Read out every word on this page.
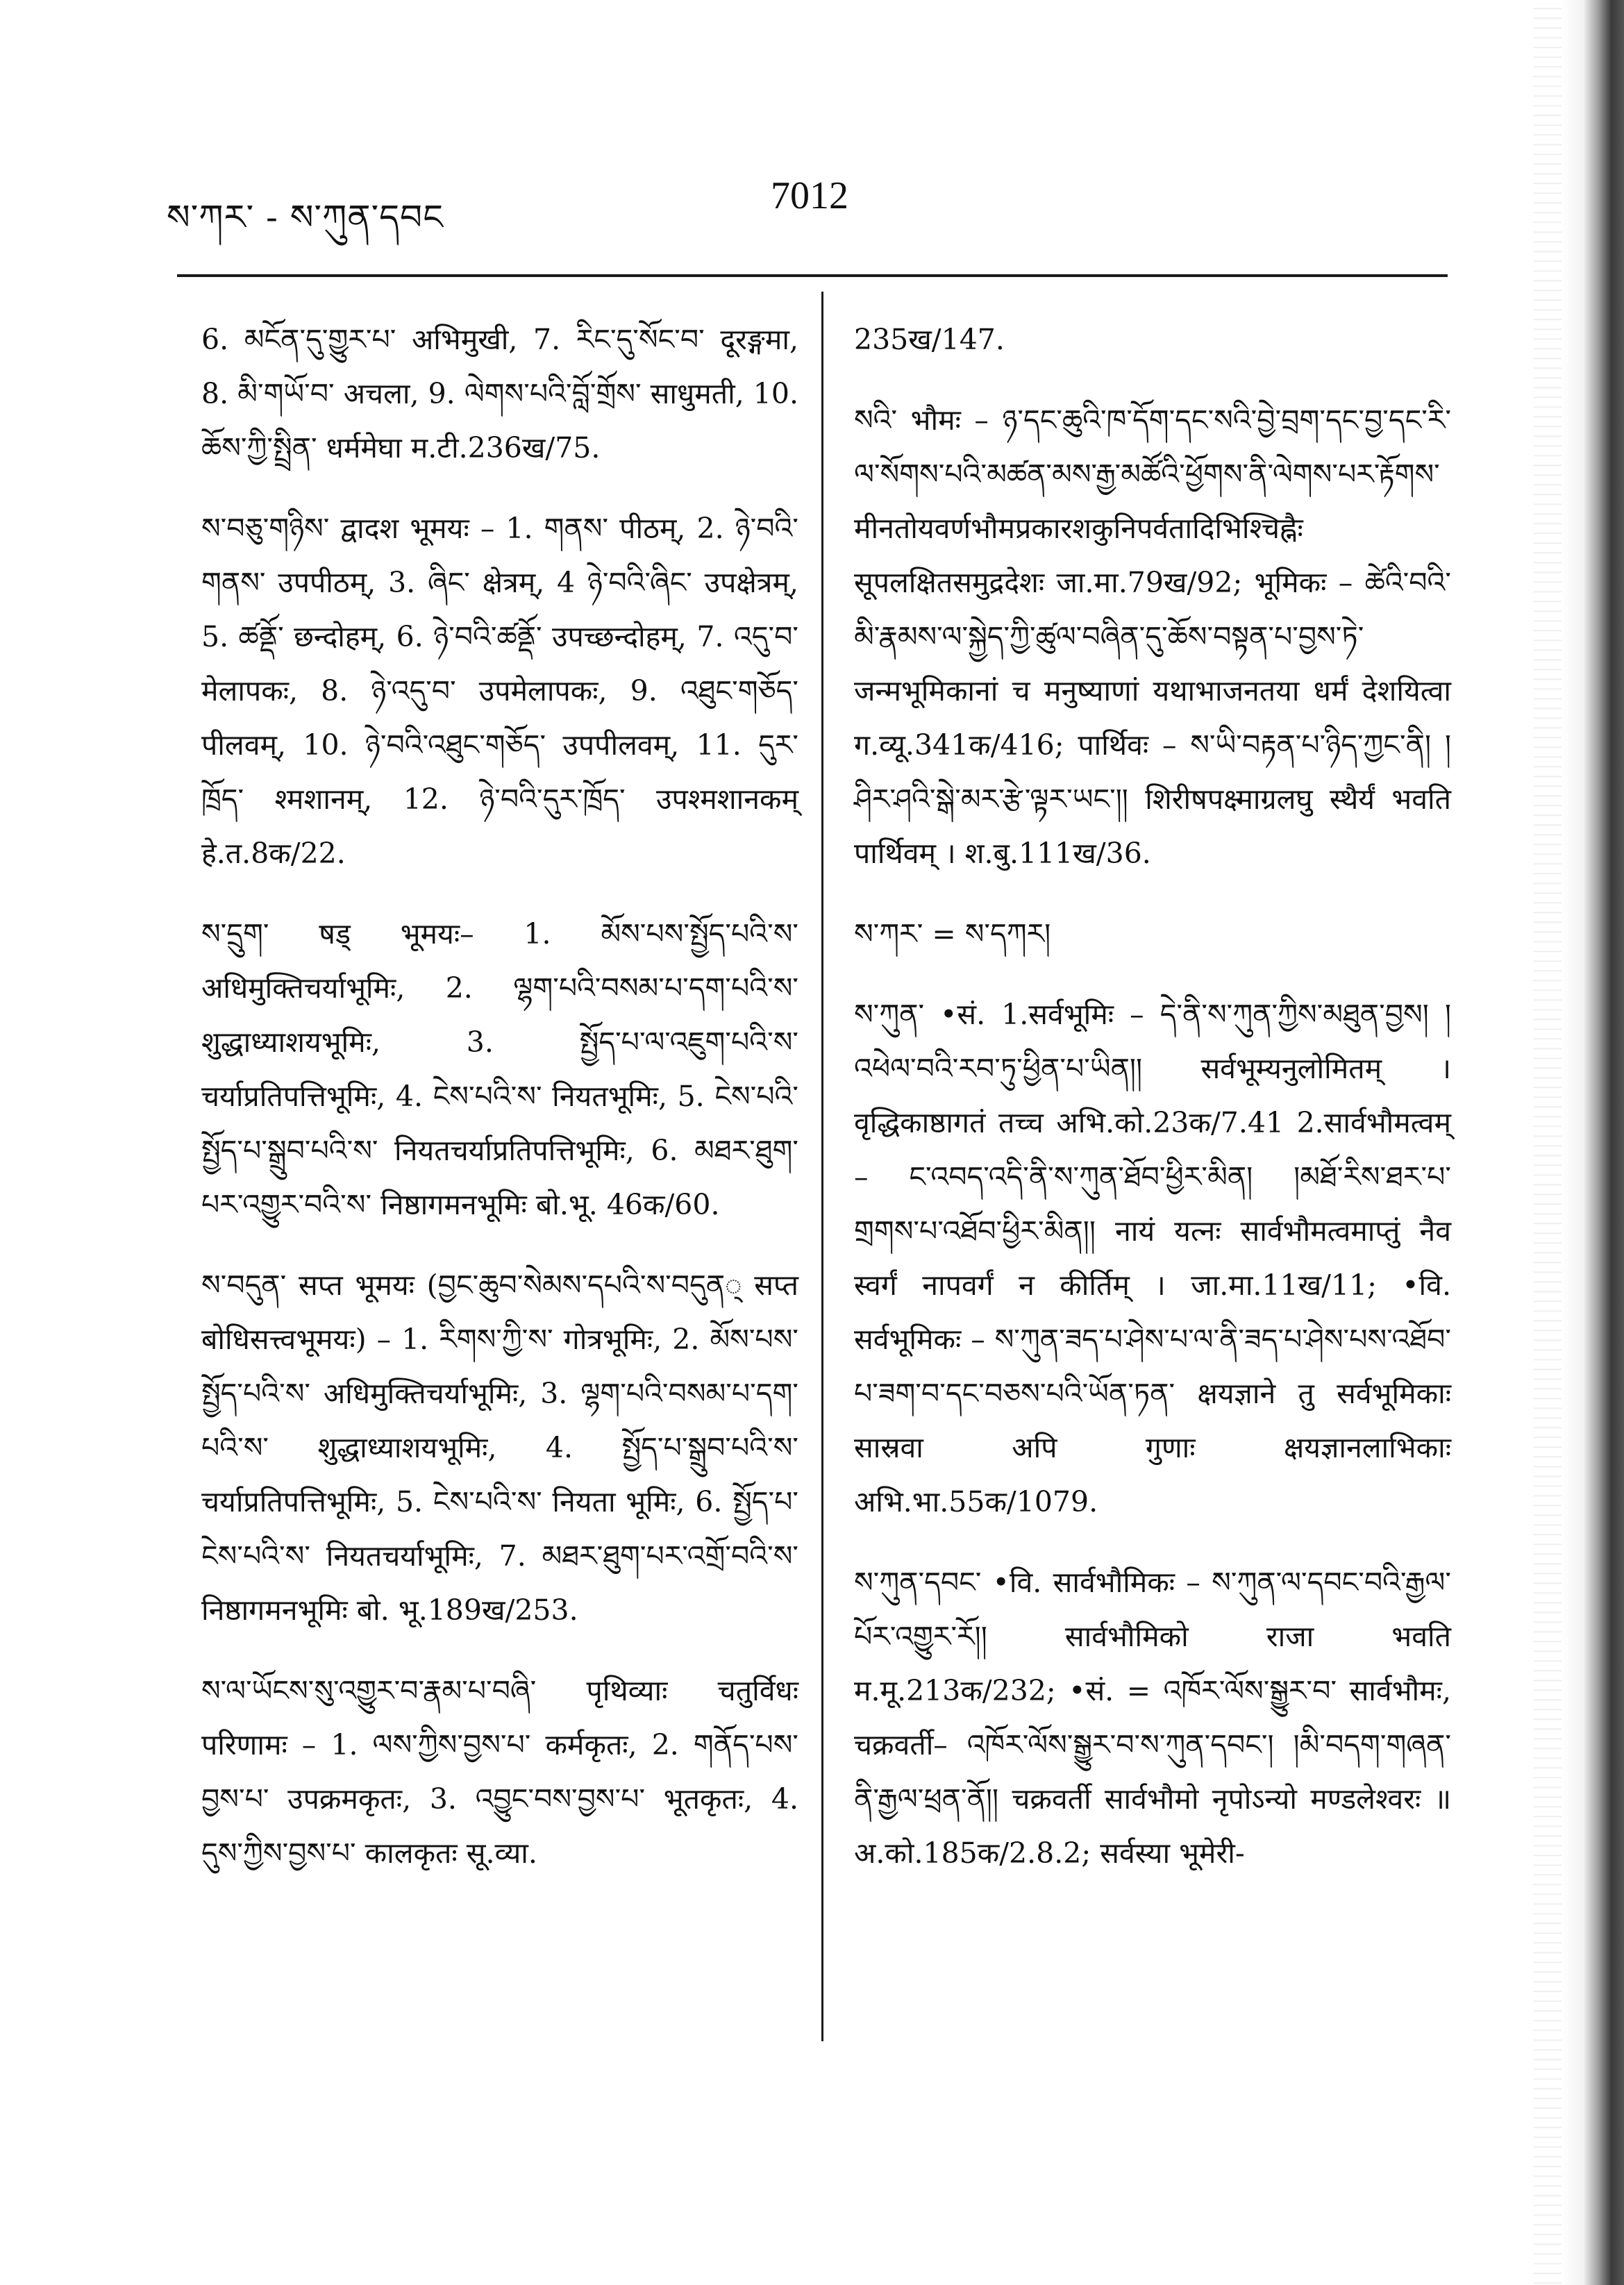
ས་ཀར་ - ས་ཀུན་དབང	7012

6. མངོན་དུ་གྱུར་པ་ अभिमुखी, 7. རིང་དུ་སོང་བ་ दूरङ्गमा, 8. མི་གཡོ་བ་ अचला, 9. ལེགས་པའི་བློ་གྲོས་ साधुमती, 10. ཆོས་ཀྱི་སྤྲིན་ धर्ममेघा म.टी.236ख/75.

ས་བཅུ་གཉིས་ द्वादश भूमयः – 1. གནས་ पीठम्, 2. ཉེ་བའི་གནས་ उपपीठम्, 3. ཞིང་ क्षेत्रम्, 4 ཉེ་བའི་ཞིང་ उपक्षेत्रम्, 5. ཚནྡོ་ छन्दोहम्, 6. ཉེ་བའི་ཚནྡོ་ उपच्छन्दोहम्, 7. འདུ་བ་ मेलापकः, 8. ཉེ་འདུ་བ་ उपमेलापकः, 9. འཐུང་གཅོད་ पीलवम्, 10. ཉེ་བའི་འཐུང་གཅོད་ उपपीलवम्, 11. དུར་ཁྲོད་ श्मशानम्, 12. ཉེ་བའི་དུར་ཁྲོད་ उपश्मशानकम् हे.त.8क/22.

ས་དྲུག་ षड् भूमयः– 1. མོས་པས་སྤྱོད་པའི་ས་ अधिमुक्तिचर्याभूमिः, 2. ལྷག་པའི་བསམ་པ་དག་པའི་ས་ शुद्धाध्याशयभूमिः, 3. སྤྱོད་པ་ལ་འཇུག་པའི་ས་ चर्याप्रतिपत्तिभूमिः, 4. ངེས་པའི་ས་ नियतभूमिः, 5. ངེས་པའི་སྤྱོད་པ་སྒྲུབ་པའི་ས་ नियतचर्याप्रतिपत्तिभूमिः, 6. མཐར་ཐུག་པར་འགྱུར་བའི་ས་ निष्ठागमनभूमिः बो.भू. 46क/60.

ས་བདུན་ सप्त भूमयः (བྱང་ཆུབ་སེམས་དཔའི་ས་བདུན् सप्त बोधिसत्त्वभूमयः) – 1. རིགས་ཀྱི་ས་ गोत्रभूमिः, 2. མོས་པས་སྤྱོད་པའི་ས་ अधिमुक्तिचर्याभूमिः, 3. ལྷག་པའི་བསམ་པ་དག་པའི་ས་ शुद्धाध्याशयभूमिः, 4. སྤྱོད་པ་སྒྲུབ་པའི་ས་ चर्याप्रतिपत्तिभूमिः, 5. ངེས་པའི་ས་ नियता भूमिः, 6. སྤྱོད་པ་ངེས་པའི་ས་ नियतचर्याभूमिः, 7. མཐར་ཐུག་པར་འགྲོ་བའི་ས་ निष्ठागमनभूमिः बो. भू.189ख/253.

ས་ལ་ཡོངས་སུ་འགྱུར་བ་རྣམ་པ་བཞི་ पृथिव्याः चतुर्विधः परिणामः – 1. ལས་ཀྱིས་བྱས་པ་ कर्मकृतः, 2. གནོད་པས་བྱས་པ་ उपक्रमकृतः, 3. འབྱུང་བས་བྱས་པ་ भूतकृतः, 4. དུས་ཀྱིས་བྱས་པ་ कालकृतः सू.व्या.

235ख/147.

སའི་ भौमः – ཉ་དང་ཆུའི་ཁ་དོག་དང་སའི་བྱེ་བྲག་དང་བྱ་དང་རི་ལ་སོགས་པའི་མཚན་མས་རྒྱ་མཚོའི་ཕྱོགས་ནི་ལེགས་པར་རྟོགས་ मीनतोयवर्णभौमप्रकारशकुनिपर्वतादिभिश्चिह्नैः सूपलक्षितसमुद्रदेशः जा.मा.79ख/92; भूमिकः – ཚེའི་བའི་མི་རྣམས་ལ་སྐྱེད་ཀྱི་ཚུལ་བཞིན་དུ་ཆོས་བསྟན་པ་བྱས་ཏེ་ जन्मभूमिकानां च मनुष्याणां यथाभाजनतया धर्मं देशयित्वा ग.व्यू.341क/416; पार्थिवः – ས་ཡི་བརྟན་པ་ཉིད་ཀྱང་ནི། །ཤིར་ཤའི་སྒེ་མར་རྩེ་ལྟར་ཡང་།། शिरीषपक्ष्माग्रलघु स्थैर्यं भवति पार्थिवम् । श.बु.111ख/36.

ས་ཀར་ = ས་དཀར།

ས་ཀུན་ •सं. 1.सर्वभूमिः – དེ་ནི་ས་ཀུན་ཀྱིས་མཐུན་བྱས། །འཕེལ་བའི་རབ་ཏུ་ཕྱིན་པ་ཡིན།། सर्वभूम्यनुलोमितम् । वृद्धिकाष्ठागतं तच्च अभि.को.23क/7.41 2.सार्वभौमत्वम् – ང་འབད་འདི་ནི་ས་ཀུན་ཐོབ་ཕྱིར་མིན། །མཐོ་རིས་ཐར་པ་གྲགས་པ་འཐོབ་ཕྱིར་མིན།། नायं यत्नः सार्वभौमत्वमाप्तुं नैव स्वर्गं नापवर्गं न कीर्तिम् । जा.मा.11ख/11; •वि. सर्वभूमिकः – ས་ཀུན་ཟད་པ་ཤེས་པ་ལ་ནི་ཟད་པ་ཤེས་པས་འཐོབ་པ་ཟག་བ་དང་བཅས་པའི་ཡོན་ཏན་ क्षयज्ञाने तु सर्वभूमिकाः सास्रवा अपि गुणाः क्षयज्ञानलाभिकाः अभि.भा.55क/1079.

ས་ཀུན་དབང་ •वि. सार्वभौमिकः – ས་ཀུན་ལ་དབང་བའི་རྒྱལ་པོར་འགྱུར་རོ།། सार्वभौमिको राजा भवति म.मू.213क/232; •सं. = འཁོར་ལོས་སྒྱུར་བ་ सार्वभौमः, चक्रवर्ती– འཁོར་ལོས་སྒྱུར་བ་ས་ཀུན་དབང་། །མི་བདག་གཞན་ནི་རྒྱལ་ཕྲན་ནོ།། चक्रवर्ती सार्वभौमो नृपोऽन्यो मण्डलेश्वरः ॥ अ.को.185क/2.8.2; सर्वस्या भूमेरी-
